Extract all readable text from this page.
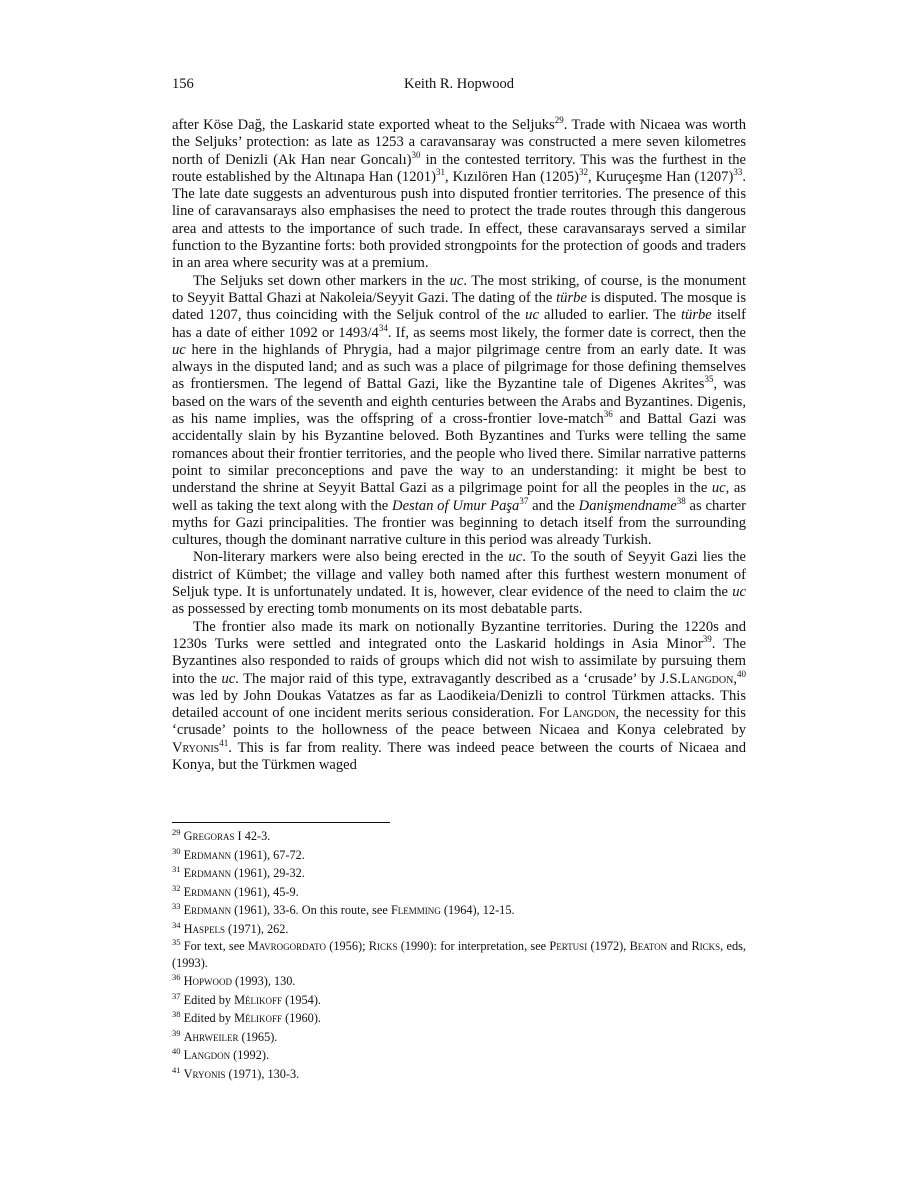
156	Keith R. Hopwood

after Köse Dağ, the Laskarid state exported wheat to the Seljuks$^{29}$. Trade with Nicaea was worth the Seljuks’ protection: as late as 1253 a caravansaray was constructed a mere seven kilometres north of Denizli (Ak Han near Goncalı)$^{30}$ in the contested territory. This was the furthest in the route established by the Altınapa Han $(1201)^{31}$, Kızılören Han $(1205)^{32}$, Kuruçeşme Han $(1207)^{33}$. The late date suggests an adventurous push into disputed frontier territories. The presence of this line of caravansarays also emphasises the need to protect the trade routes through this dangerous area and attests to the importance of such trade. In effect, these caravansarays served a similar function to the Byzantine forts: both provided strongpoints for the protection of goods and traders in an area where security was at a premium.

The Seljuks set down other markers in the uc. The most striking, of course, is the monument to Seyyit Battal Ghazi at Nakoleia/Seyyit Gazi. The dating of the türbe is disputed. The mosque is dated 1207, thus coinciding with the Seljuk control of the uc alluded to earlier. The türbe itself has a date of either 1092 or $1493/4^{34}$. If, as seems most likely, the former date is correct, then the uc here in the highlands of Phrygia, had a major pilgrimage centre from an early date. It was always in the disputed land; and as such was a place of pilgrimage for those defining themselves as frontiersmen. The legend of Battal Gazi, like the Byzantine tale of Digenes Akrites$^{35}$, was based on the wars of the seventh and eighth centuries between the Arabs and Byzantines. Digenis, as his name implies, was the offspring of a cross-frontier love-match$^{36}$ and Battal Gazi was accidentally slain by his Byzantine beloved. Both Byzantines and Turks were telling the same romances about their frontier territories, and the people who lived there. Similar narrative patterns point to similar preconceptions and pave the way to an understanding: it might be best to understand the shrine at Seyyit Battal Gazi as a pilgrimage point for all the peoples in the uc, as well as taking the text along with the Destan of Umur Paşa$^{37}$ and the Danişmendname$^{38}$ as charter myths for Gazi principalities. The frontier was beginning to detach itself from the surrounding cultures, though the dominant narrative culture in this period was already Turkish.

Non-literary markers were also being erected in the uc. To the south of Seyyit Gazi lies the district of Kümbet; the village and valley both named after this furthest western monument of Seljuk type. It is unfortunately undated. It is, however, clear evidence of the need to claim the uc as possessed by erecting tomb monuments on its most debatable parts.

The frontier also made its mark on notionally Byzantine territories. During the 1220s and 1230s Turks were settled and integrated onto the Laskarid holdings in Asia Minor$^{39}$. The Byzantines also responded to raids of groups which did not wish to assimilate by pursuing them into the uc. The major raid of this type, extravagantly described as a ‘crusade’ by J.S.Langdon,$^{40}$ was led by John Doukas Vatatzes as far as Laodikeia/Denizli to control Türkmen attacks. This detailed account of one incident merits serious consideration. For Langdon, the necessity for this ‘crusade’ points to the hollowness of the peace between Nicaea and Konya celebrated by Vryonis$^{41}$. This is far from reality. There was indeed peace between the courts of Nicaea and Konya, but the Türkmen waged

$^{29}$ Gregoras I 42-3.
$^{30}$ Erdmann (1961), 67-72.
$^{31}$ Erdmann (1961), 29-32.
$^{32}$ Erdmann (1961), 45-9.
$^{33}$ Erdmann (1961), 33-6. On this route, see Flemming (1964), 12-15.
$^{34}$ Haspels (1971), 262.
$^{35}$ For text, see Mavrogordato (1956); Ricks (1990): for interpretation, see Pertusi (1972), Beaton and Ricks, eds, (1993).
$^{36}$ Hopwood (1993), 130.
$^{37}$ Edited by Mélikoff (1954).
$^{38}$ Edited by Mélikoff (1960).
$^{39}$ Ahrweiler (1965).
$^{40}$ Langdon (1992).
$^{41}$ Vryonis (1971), 130-3.
